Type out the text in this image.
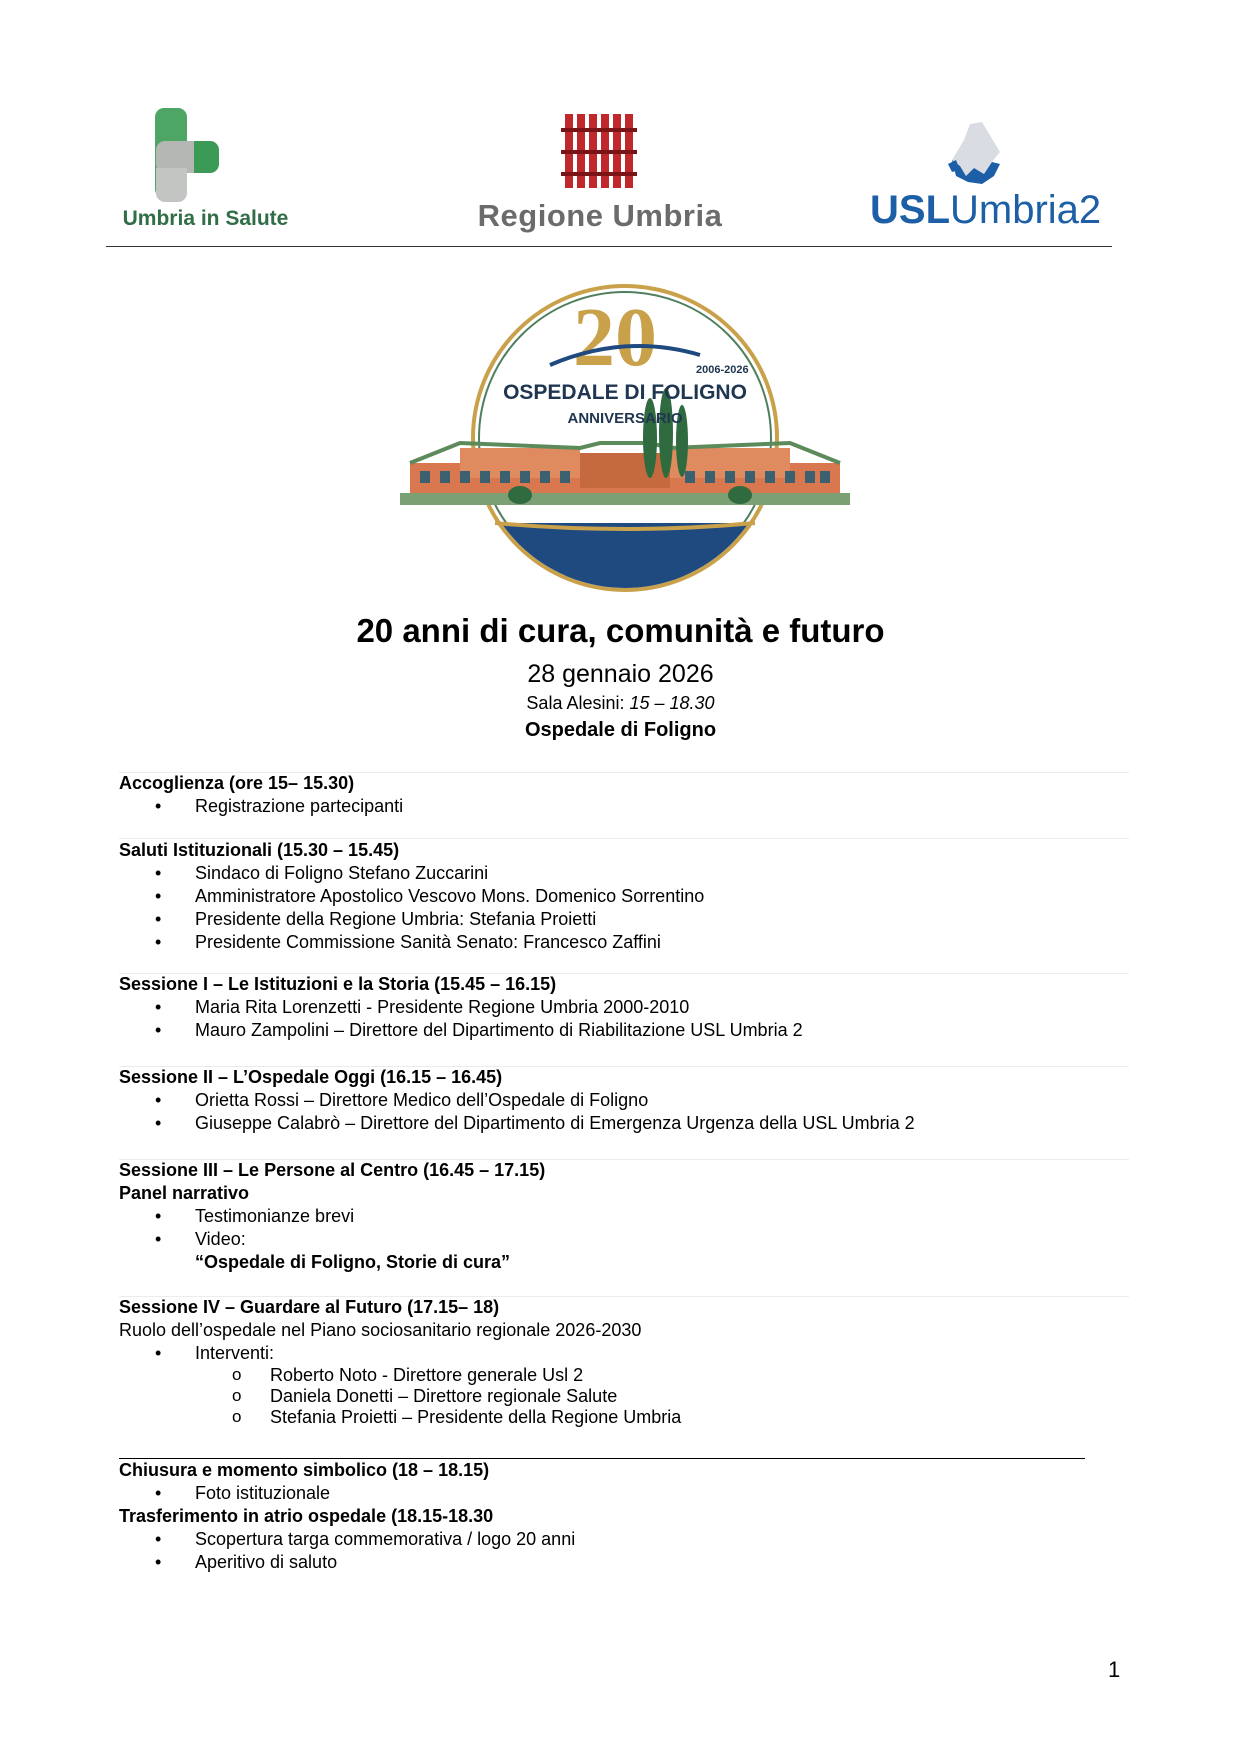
Umbria in Salute	Regione Umbria	USLUmbria2
20	2006-2026
OSPEDALE DI FOLIGNO
ANNIVERSARIO
20 anni di cura, comunità e futuro
28 gennaio 2026
Sala Alesini: 15 – 18.30
Ospedale di Foligno
Accoglienza (ore 15– 15.30)
• Registrazione partecipanti
Saluti Istituzionali (15.30 – 15.45)
• Sindaco di Foligno Stefano Zuccarini
• Amministratore Apostolico Vescovo Mons. Domenico Sorrentino
• Presidente della Regione Umbria: Stefania Proietti
• Presidente Commissione Sanità Senato: Francesco Zaffini
Sessione I – Le Istituzioni e la Storia (15.45 – 16.15)
• Maria Rita Lorenzetti - Presidente Regione Umbria 2000-2010
• Mauro Zampolini – Direttore del Dipartimento di Riabilitazione USL Umbria 2
Sessione II – L’Ospedale Oggi (16.15 – 16.45)
• Orietta Rossi – Direttore Medico dell’Ospedale di Foligno
• Giuseppe Calabrò – Direttore del Dipartimento di Emergenza Urgenza della USL Umbria 2
Sessione III – Le Persone al Centro (16.45 – 17.15)
Panel narrativo
• Testimonianze brevi
• Video:
“Ospedale di Foligno, Storie di cura”
Sessione IV – Guardare al Futuro (17.15– 18)
Ruolo dell’ospedale nel Piano sociosanitario regionale 2026-2030
• Interventi:
o Roberto Noto - Direttore generale Usl 2
o Daniela Donetti – Direttore regionale Salute
o Stefania Proietti – Presidente della Regione Umbria
Chiusura e momento simbolico (18 – 18.15)
• Foto istituzionale
Trasferimento in atrio ospedale (18.15-18.30
• Scopertura targa commemorativa / logo 20 anni
• Aperitivo di saluto
1
